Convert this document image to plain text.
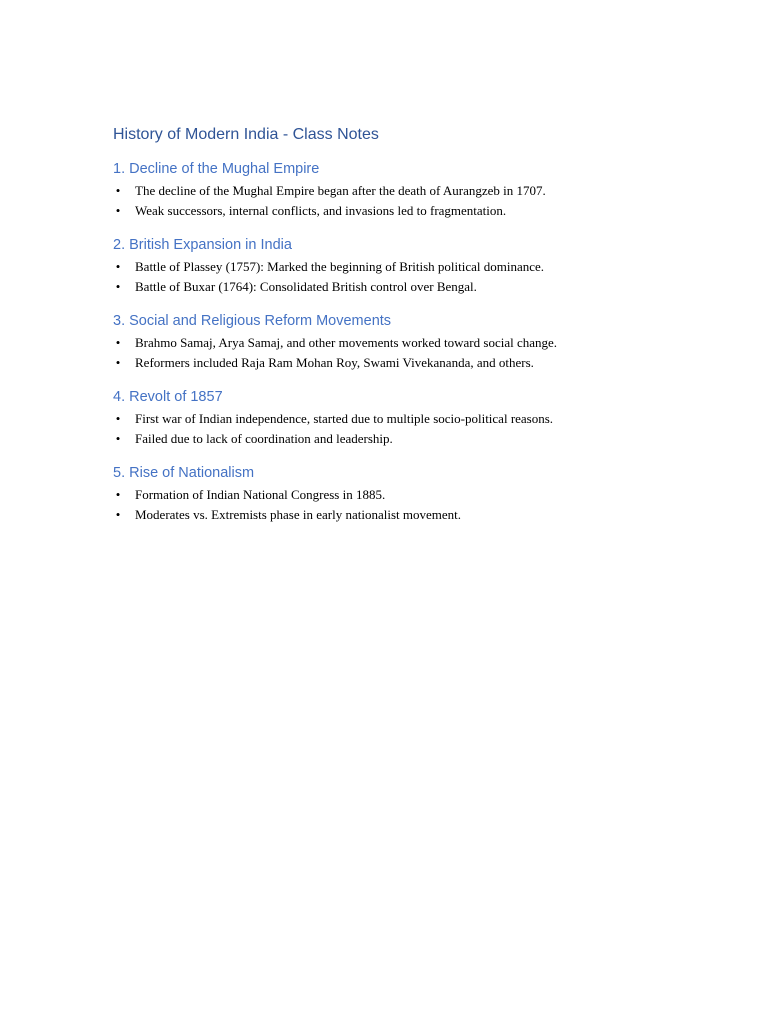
History of Modern India - Class Notes
1. Decline of the Mughal Empire
• The decline of the Mughal Empire began after the death of Aurangzeb in 1707.
• Weak successors, internal conflicts, and invasions led to fragmentation.
2. British Expansion in India
• Battle of Plassey (1757): Marked the beginning of British political dominance.
• Battle of Buxar (1764): Consolidated British control over Bengal.
3. Social and Religious Reform Movements
• Brahmo Samaj, Arya Samaj, and other movements worked toward social change.
• Reformers included Raja Ram Mohan Roy, Swami Vivekananda, and others.
4. Revolt of 1857
• First war of Indian independence, started due to multiple socio-political reasons.
• Failed due to lack of coordination and leadership.
5. Rise of Nationalism
• Formation of Indian National Congress in 1885.
• Moderates vs. Extremists phase in early nationalist movement.
